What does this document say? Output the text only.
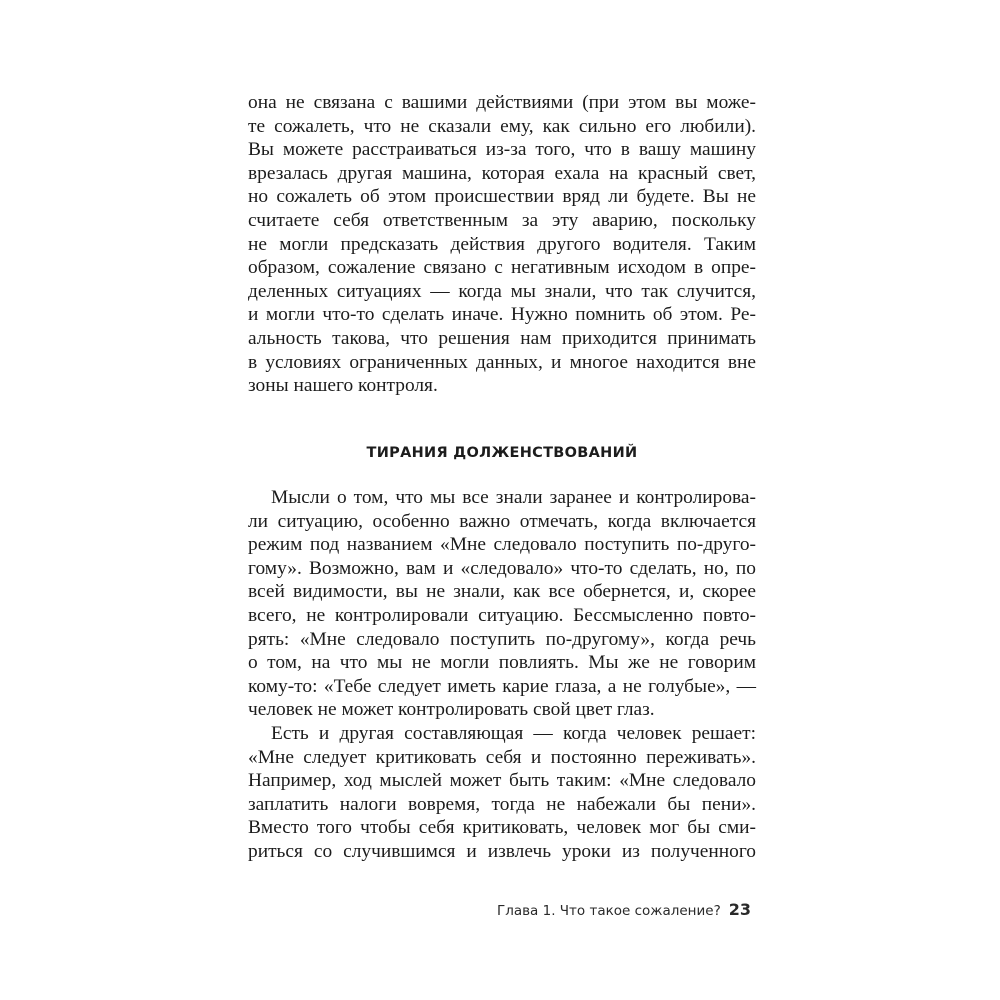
она не связана с вашими действиями (при этом вы може-
те сожалеть, что не сказали ему, как сильно его любили).
Вы можете расстраиваться из-за того, что в вашу машину
врезалась другая машина, которая ехала на красный свет,
но сожалеть об этом происшествии вряд ли будете. Вы не
считаете себя ответственным за эту аварию, поскольку
не могли предсказать действия другого водителя. Таким
образом, сожаление связано с негативным исходом в опре-
деленных ситуациях — когда мы знали, что так случится,
и могли что-то сделать иначе. Нужно помнить об этом. Ре-
альность такова, что решения нам приходится принимать
в условиях ограниченных данных, и многое находится вне
зоны нашего контроля.
ТИРАНИЯ ДОЛЖЕНСТВОВАНИЙ
Мысли о том, что мы все знали заранее и контролирова-
ли ситуацию, особенно важно отмечать, когда включается
режим под названием «Мне следовало поступить по-друго-
гому». Возможно, вам и «следовало» что-то сделать, но, по
всей видимости, вы не знали, как все обернется, и, скорее
всего, не контролировали ситуацию. Бессмысленно повто-
рять: «Мне следовало поступить по-другому», когда речь
о том, на что мы не могли повлиять. Мы же не говорим
кому-то: «Тебе следует иметь карие глаза, а не голубые», —
человек не может контролировать свой цвет глаз.
Есть и другая составляющая — когда человек решает:
«Мне следует критиковать себя и постоянно переживать».
Например, ход мыслей может быть таким: «Мне следовало
заплатить налоги вовремя, тогда не набежали бы пени».
Вместо того чтобы себя критиковать, человек мог бы сми-
риться со случившимся и извлечь уроки из полученного
Глава 1. Что такое сожаление? 23
